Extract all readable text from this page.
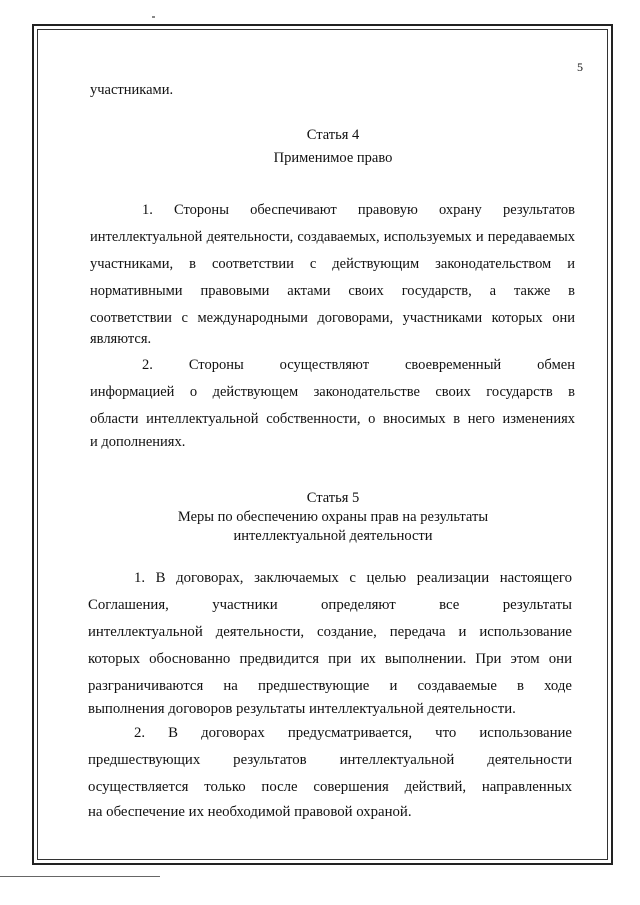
5
участниками.
Статья 4
Применимое право
1. Стороны обеспечивают правовую охрану результатов
интеллектуальной деятельности, создаваемых, используемых и передаваемых
участниками, в соответствии с действующим законодательством и
нормативными правовыми актами своих государств, а также в
соответствии с международными договорами, участниками которых они
являются.
2. Стороны осуществляют своевременный обмен
информацией о действующем законодательстве своих государств в
области интеллектуальной собственности, о вносимых в него изменениях
и дополнениях.
Статья 5
Меры по обеспечению охраны прав на результаты
интеллектуальной деятельности
1. В договорах, заключаемых с целью реализации настоящего
Соглашения, участники определяют все результаты
интеллектуальной деятельности, создание, передача и использование
которых обоснованно предвидится при их выполнении. При этом они
разграничиваются на предшествующие и создаваемые в ходе
выполнения договоров результаты интеллектуальной деятельности.
2. В договорах предусматривается, что использование
предшествующих результатов интеллектуальной деятельности
осуществляется только после совершения действий, направленных
на обеспечение их необходимой правовой охраной.
